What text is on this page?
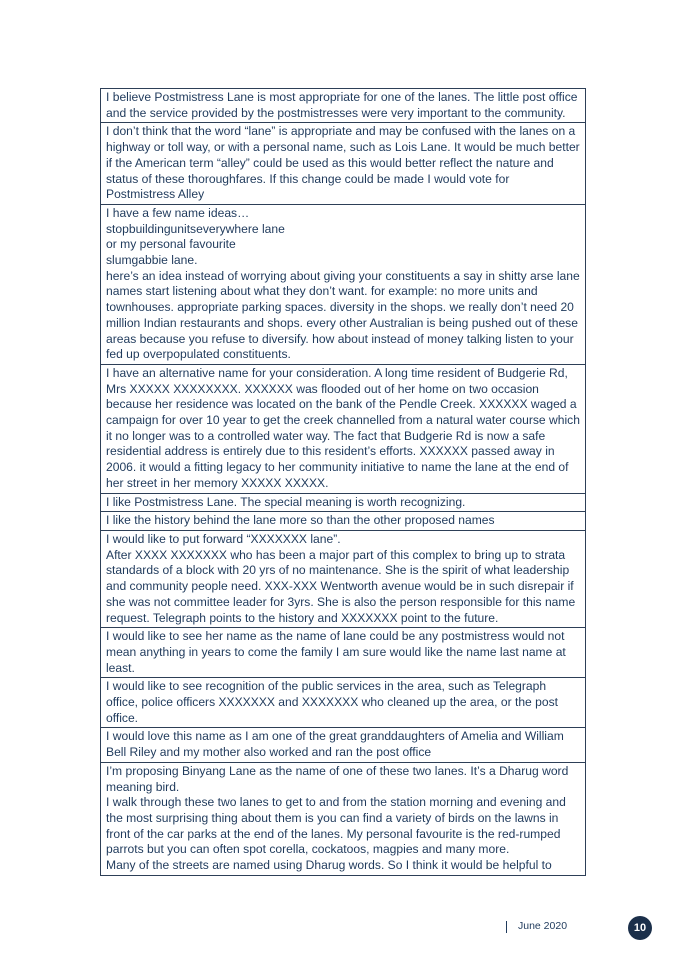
I believe Postmistress Lane is most appropriate for one of the lanes. The little post office and the service provided by the postmistresses were very important to the community.

I don’t think that the word “lane” is appropriate and may be confused with the lanes on a highway or toll way, or with a personal name, such as Lois Lane. It would be much better if the American term “alley” could be used as this would better reflect the nature and status of these thoroughfares. If this change could be made I would vote for Postmistress Alley

I have a few name ideas…
stopbuildingunitseverywhere lane
or my personal favourite
slumgabbie lane.
here’s an idea instead of worrying about giving your constituents a say in shitty arse lane names start listening about what they don’t want. for example: no more units and townhouses. appropriate parking spaces. diversity in the shops. we really don’t need 20 million Indian restaurants and shops. every other Australian is being pushed out of these areas because you refuse to diversify. how about instead of money talking listen to your fed up overpopulated constituents.

I have an alternative name for your consideration. A long time resident of Budgerie Rd, Mrs XXXXX XXXXXXXX. XXXXXX was flooded out of her home on two occasion because her residence was located on the bank of the Pendle Creek. XXXXXX waged a campaign for over 10 year to get the creek channelled from a natural water course which it no longer was to a controlled water way. The fact that Budgerie Rd is now a safe residential address is entirely due to this resident’s efforts. XXXXXX passed away in 2006. it would a fitting legacy to her community initiative to name the lane at the end of her street in her memory XXXXX XXXXX.

I like Postmistress Lane. The special meaning is worth recognizing.

I like the history behind the lane more so than the other proposed names

I would like to put forward “XXXXXXX lane”.
After XXXX XXXXXXX who has been a major part of this complex to bring up to strata standards of a block with 20 yrs of no maintenance. She is the spirit of what leadership and community people need. XXX-XXX Wentworth avenue would be in such disrepair if she was not committee leader for 3yrs. She is also the person responsible for this name request. Telegraph points to the history and XXXXXXX point to the future.

I would like to see her name as the name of lane could be any postmistress would not mean anything in years to come the family I am sure would like the name last name at least.

I would like to see recognition of the public services in the area, such as Telegraph office, police officers XXXXXXX and XXXXXXX who cleaned up the area, or the post office.

I would love this name as I am one of the great granddaughters of Amelia and William Bell Riley and my mother also worked and ran the post office

I’m proposing Binyang Lane as the name of one of these two lanes. It’s a Dharug word meaning bird.
I walk through these two lanes to get to and from the station morning and evening and the most surprising thing about them is you can find a variety of birds on the lawns in front of the car parks at the end of the lanes. My personal favourite is the red-rumped parrots but you can often spot corella, cockatoos, magpies and many more.
Many of the streets are named using Dharug words. So I think it would be helpful to
June 2020	10
